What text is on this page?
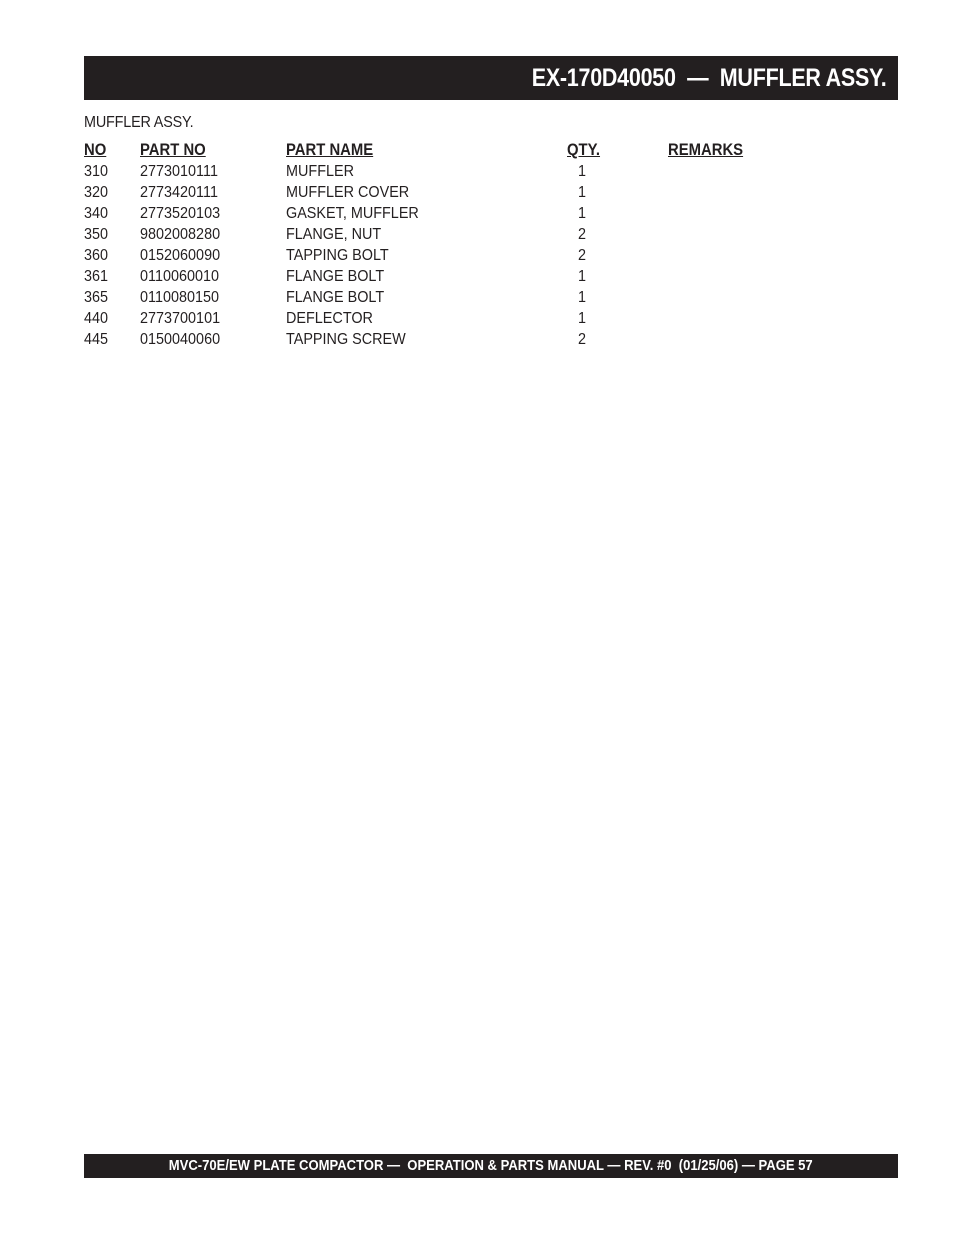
EX-170D40050  —  MUFFLER ASSY.
MUFFLER ASSY.
NO PART NO	PART NAME	QTY.	REMARKS
310 2773010111	MUFFLER	1
320 2773420111	MUFFLER COVER	1
340 2773520103	GASKET, MUFFLER	1
350 9802008280	FLANGE, NUT	2
360 0152060090	TAPPING BOLT	2
361 0110060010	FLANGE BOLT	1
365 0110080150	FLANGE BOLT	1
440 2773700101	DEFLECTOR	1
445 0150040060	TAPPING SCREW	2
MVC-70E/EW PLATE COMPACTOR —  OPERATION & PARTS MANUAL — REV. #0  (01/25/06) — PAGE 57
